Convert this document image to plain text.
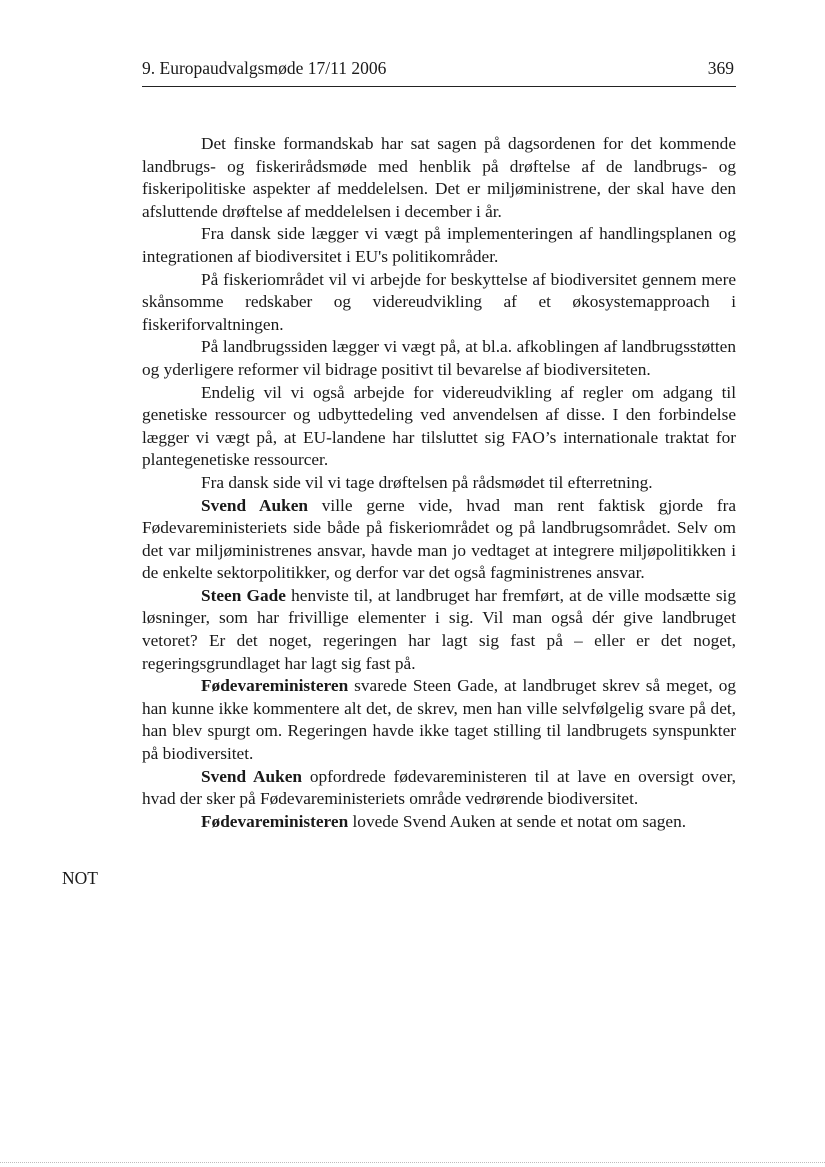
9. Europaudvalgsmøde 17/11 2006	369

Det finske formandskab har sat sagen på dagsordenen for det kommende landbrugs- og fiskerirådsmøde med henblik på drøftelse af de landbrugs- og fiskeripolitiske aspekter af meddelelsen. Det er miljøministrene, der skal have den afsluttende drøftelse af meddelelsen i december i år.

Fra dansk side lægger vi vægt på implementeringen af handlingsplanen og integrationen af biodiversitet i EU's politikområder.

På fiskeriområdet vil vi arbejde for beskyttelse af biodiversitet gennem mere skånsomme redskaber og videreudvikling af et økosystemapproach i fiskeriforvaltningen.

På landbrugssiden lægger vi vægt på, at bl.a. afkoblingen af landbrugsstøtten og yderligere reformer vil bidrage positivt til bevarelse af biodiversiteten.

Endelig vil vi også arbejde for videreudvikling af regler om adgang til genetiske ressourcer og udbyttedeling ved anvendelsen af disse. I den forbindelse lægger vi vægt på, at EU-landene har tilsluttet sig FAO’s internationale traktat for plantegenetiske ressourcer.

Fra dansk side vil vi tage drøftelsen på rådsmødet til efterretning.

Svend Auken ville gerne vide, hvad man rent faktisk gjorde fra Fødevareministeriets side både på fiskeriområdet og på landbrugsområdet. Selv om det var miljøministrenes ansvar, havde man jo vedtaget at integrere miljøpolitikken i de enkelte sektorpolitikker, og derfor var det også fagministrenes ansvar.

Steen Gade henviste til, at landbruget har fremført, at de ville modsætte sig løsninger, som har frivillige elementer i sig. Vil man også dér give landbruget vetoret? Er det noget, regeringen har lagt sig fast på – eller er det noget, regeringsgrundlaget har lagt sig fast på.

Fødevareministeren svarede Steen Gade, at landbruget skrev så meget, og han kunne ikke kommentere alt det, de skrev, men han ville selvfølgelig svare på det, han blev spurgt om. Regeringen havde ikke taget stilling til landbrugets synspunkter på biodiversitet.

Svend Auken opfordrede fødevareministeren til at lave en oversigt over, hvad der sker på Fødevareministeriets område vedrørende biodiversitet.

Fødevareministeren lovede Svend Auken at sende et notat om sagen.

NOT
